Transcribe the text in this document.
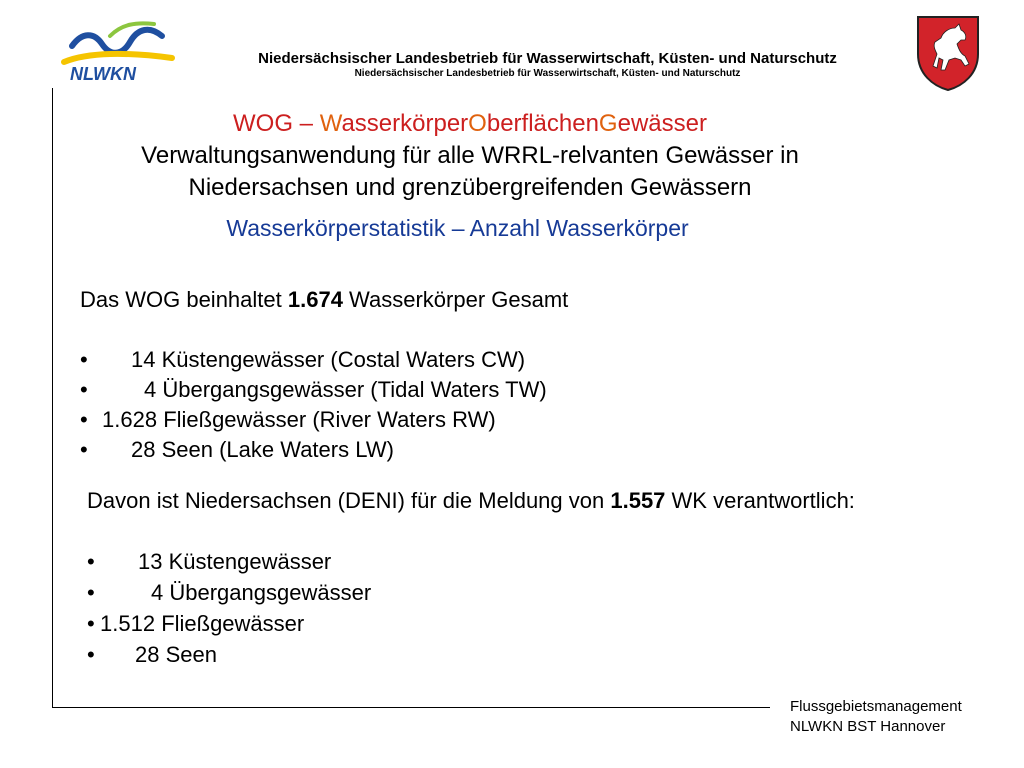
NLWKN
Niedersächsischer Landesbetrieb für Wasserwirtschaft, Küsten- und Naturschutz
Niedersächsischer Landesbetrieb für Wasserwirtschaft, Küsten- und Naturschutz
WOG – WasserkörperOberflächenGewässer
Verwaltungsanwendung für alle WRRL-relvanten Gewässer in
Niedersachsen und grenzübergreifenden Gewässern
Wasserkörperstatistik – Anzahl Wasserkörper
Das WOG beinhaltet 1.674 Wasserkörper Gesamt
• 14 Küstengewässer (Costal Waters CW)
•	4 Übergangsgewässer (Tidal Waters TW)
• 1.628 Fließgewässer (River Waters RW)
• 28 Seen (Lake Waters LW)
Davon ist Niedersachsen (DENI) für die Meldung von 1.557 WK verantwortlich:
• 13 Küstengewässer
•	4 Übergangsgewässer
• 1.512 Fließgewässer
• 28 Seen
Flussgebietsmanagement
NLWKN BST Hannover
